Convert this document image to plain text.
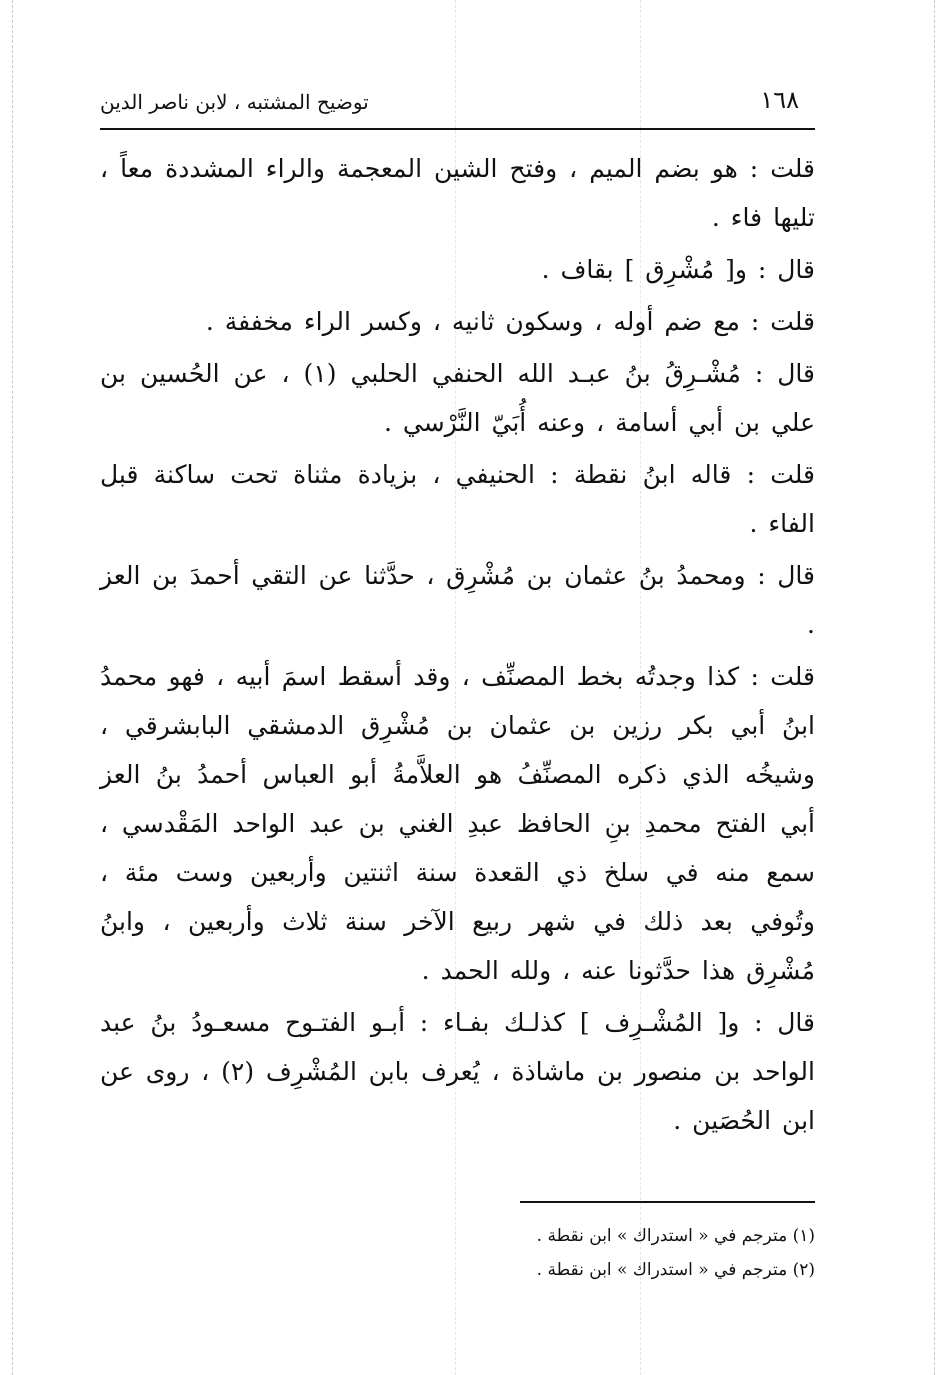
١٦٨
توضيح المشتبه ، لابن ناصر الدين

قلت : هو بضم الميم ، وفتح الشين المعجمة والراء المشددة معاً ، تليها فاء .

قال : و[ مُشْرِق ] بقاف .

قلت : مع ضم أوله ، وسكون ثانيه ، وكسر الراء مخففة .

قال : مُشْـرِقُ بنُ عبـد الله الحنفي الحلبي (١) ، عن الحُسين بن علي بن أبي أسامة ، وعنه أُبَيّ النَّرْسي .

قلت : قاله ابنُ نقطة : الحنيفي ، بزيادة مثناة تحت ساكنة قبل الفاء .

قال : ومحمدُ بنُ عثمان بن مُشْرِق ، حدَّثنا عن التقي أحمدَ بن العز .

قلت : كذا وجدتُه بخط المصنِّف ، وقد أسقط اسمَ أبيه ، فهو محمدُ ابنُ أبي بكر رزين بن عثمان بن مُشْرِق الدمشقي البابشرقي ، وشيخُه الذي ذكره المصنِّفُ هو العلاَّمةُ أبو العباس أحمدُ بنُ العز أبي الفتح محمدِ بنِ الحافظ عبدِ الغني بن عبد الواحد المَقْدسي ، سمع منه في سلخ ذي القعدة سنة اثنتين وأربعين وست مئة ، وتُوفي بعد ذلك في شهر ربيع الآخر سنة ثلاث وأربعين ، وابنُ مُشْرِق هذا حدَّثونا عنه ، ولله الحمد .

قال : و[ المُشْـرِف ] كذلـك بفـاء : أبـو الفتـوح مسعـودُ بنُ عبد الواحد بن منصور بن ماشاذة ، يُعرف بابن المُشْرِف (٢) ، روى عن ابن الحُصَين .

(١) مترجم في « استدراك » ابن نقطة .

(٢) مترجم في « استدراك » ابن نقطة .
